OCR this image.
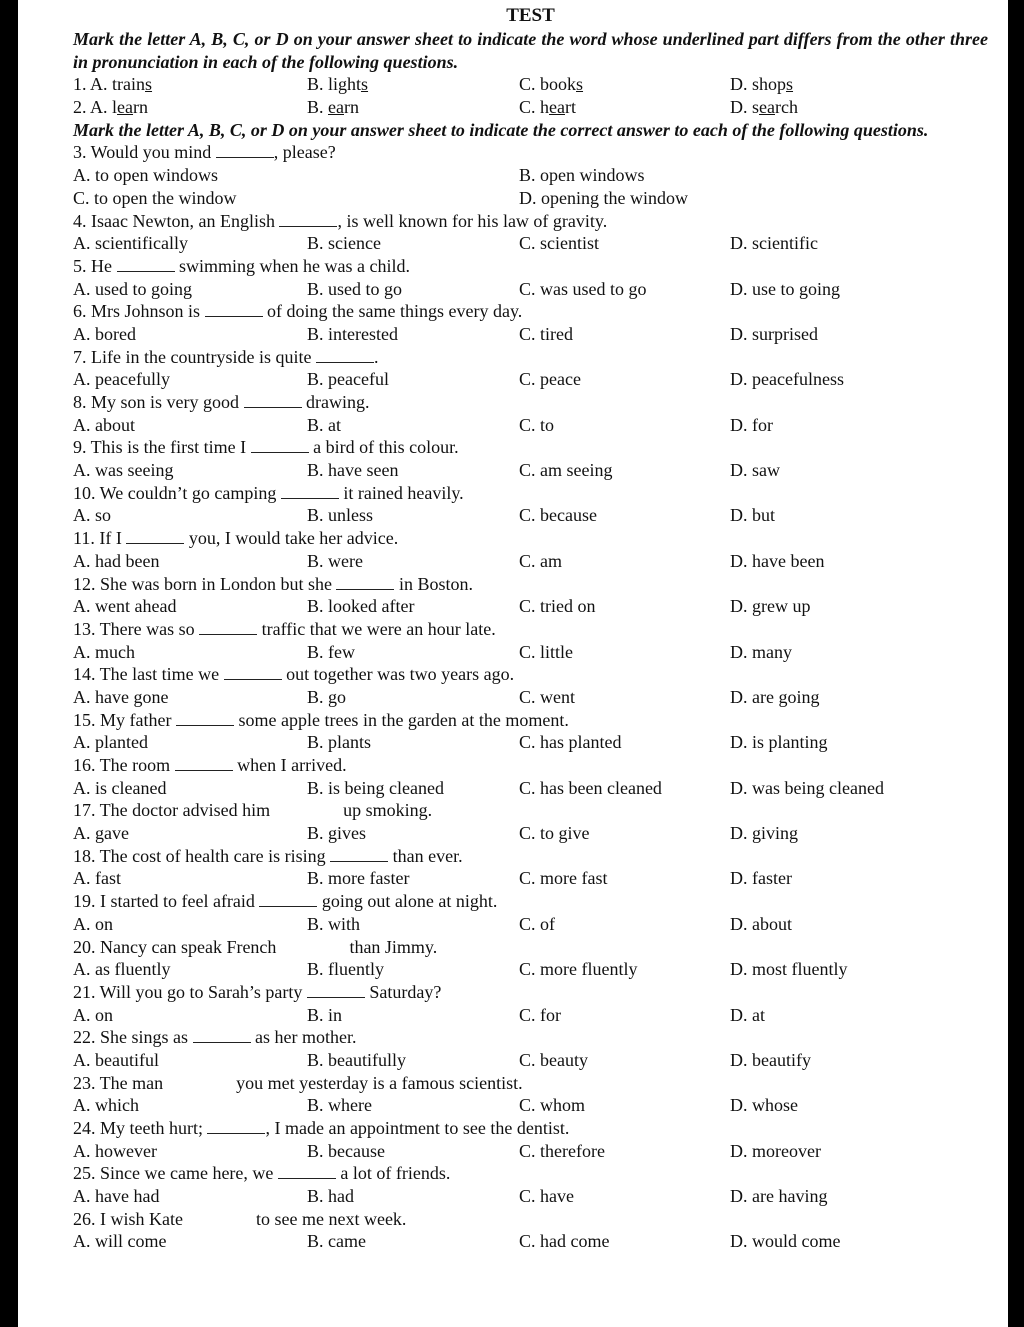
TEST
Mark the letter A, B, C, or D on your answer sheet to indicate the word whose underlined part differs from the other three in pronunciation in each of the following questions.
1. A. trains	B. lights	C. books	D. shops
2. A. learn	B. earn	C. heart	D. search
Mark the letter A, B, C, or D on your answer sheet to indicate the correct answer to each of the following questions.
3. Would you mind	, please?
A. to open windows	B. open windows
C. to open the window	D. opening the window
4. Isaac Newton, an English	, is well known for his law of gravity.
A. scientifically	B. science	C. scientist	D. scientific
5. He	swimming when he was a child.
A. used to going	B. used to go	C. was used to go	D. use to going
6. Mrs Johnson is	of doing the same things every day.
A. bored	B. interested	C. tired	D. surprised
7. Life in the countryside is quite	.
A. peacefully	B. peaceful	C. peace	D. peacefulness
8. My son is very good	drawing.
A. about	B. at	C. to	D. for
9. This is the first time I	a bird of this colour.
A. was seeing	B. have seen	C. am seeing	D. saw
10. We couldn’t go camping	it rained heavily.
A. so	B. unless	C. because	D. but
11. If I	you, I would take her advice.
A. had been	B. were	C. am	D. have been
12. She was born in London but she	in Boston.
A. went ahead	B. looked after	C. tried on	D. grew up
13. There was so	traffic that we were an hour late.
A. much	B. few	C. little	D. many
14. The last time we	out together was two years ago.
A. have gone	B. go	C. went	D. are going
15. My father	some apple trees in the garden at the moment.
A. planted	B. plants	C. has planted	D. is planting
16. The room	when I arrived.
A. is cleaned	B. is being cleaned	C. has been cleaned	D. was being cleaned
17. The doctor advised him	up smoking.
A. gave	B. gives	C. to give	D. giving
18. The cost of health care is rising	than ever.
A. fast	B. more faster	C. more fast	D. faster
19. I started to feel afraid	going out alone at night.
A. on	B. with	C. of	D. about
20. Nancy can speak French	than Jimmy.
A. as fluently	B. fluently	C. more fluently	D. most fluently
21. Will you go to Sarah’s party	Saturday?
A. on	B. in	C. for	D. at
22. She sings as	as her mother.
A. beautiful	B. beautifully	C. beauty	D. beautify
23. The man	you met yesterday is a famous scientist.
A. which	B. where	C. whom	D. whose
24. My teeth hurt;	, I made an appointment to see the dentist.
A. however	B. because	C. therefore	D. moreover
25. Since we came here, we	a lot of friends.
A. have had	B. had	C. have	D. are having
26. I wish Kate	to see me next week.
A. will come	B. came	C. had come	D. would come
